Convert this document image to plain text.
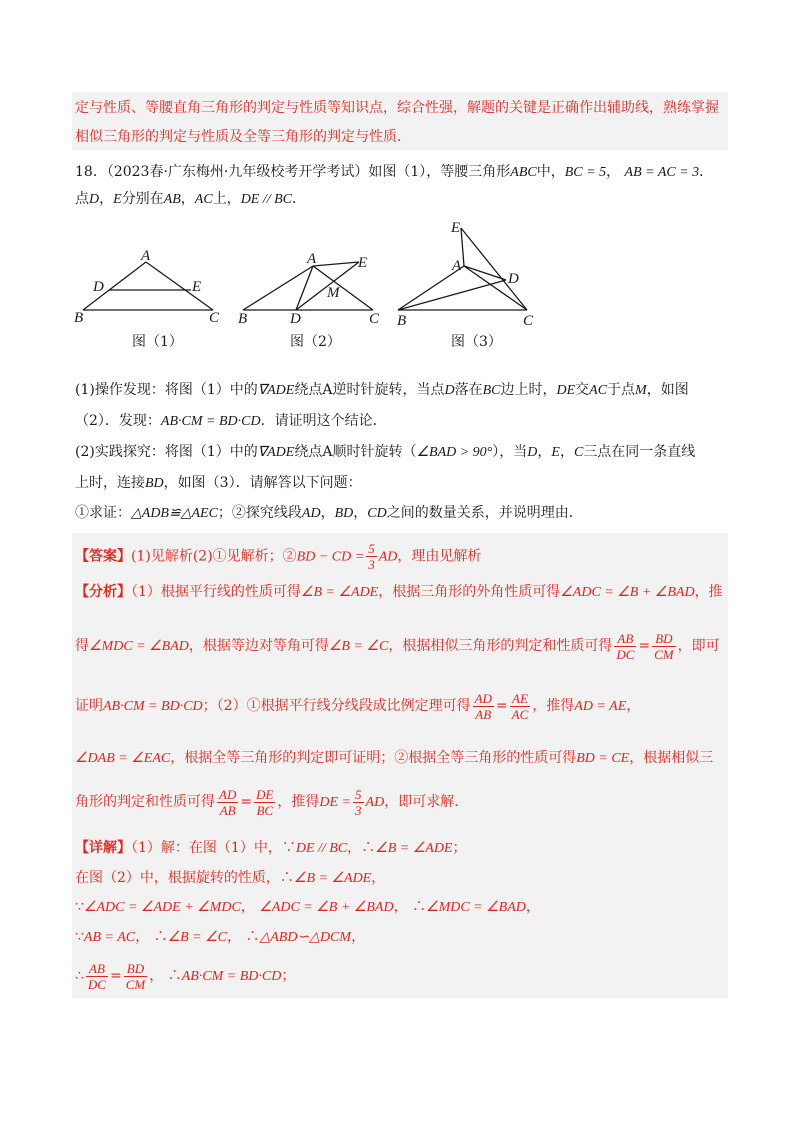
定与性质、等腰直角三角形的判定与性质等知识点，综合性强，解题的关键是正确作出辅助线，熟练掌握
相似三角形的判定与性质及全等三角形的判定与性质．
18．（2023春·广东梅州·九年级校考开学考试）如图（1），等腰三角形ABC中，BC = 5， AB = AC = 3．
点D，E分别在AB，AC上，DE // BC．
A
D	E
B	C
A	E
M
B	D	C
E
A
D
B	C
图（1）	图（2）	图（3）
(1)操作发现：将图（1）中的∇ADE绕点A逆时针旋转，当点D落在BC边上时，DE交AC于点M，如图
（2）．发现：AB·CM = BD·CD．请证明这个结论．
(2)实践探究：将图（1）中的∇ADE绕点A顺时针旋转（∠BAD > 90°），当D，E，C三点在同一条直线
上时，连接BD，如图（3）．请解答以下问题：
①求证：△ADB≌△AEC；②探究线段AD，BD，CD之间的数量关系，并说明理由．
【答案】(1)见解析(2)①见解析；②BD − CD = $\frac{5}{3}$ AD，理由见解析
【分析】（1）根据平行线的性质可得∠B = ∠ADE，根据三角形的外角性质可得∠ADC = ∠B + ∠BAD，推
得∠MDC = ∠BAD，根据等边对等角可得∠B = ∠C，根据相似三角形的判定和性质可得 $\frac{AB}{DC} = \frac{BD}{CM}$ ，即可
证明AB·CM = BD·CD；（2）①根据平行线分线段成比例定理可得 $\frac{AD}{AB} = \frac{AE}{AC}$ ，推得AD = AE，
∠DAB = ∠EAC，根据全等三角形的判定即可证明；②根据全等三角形的性质可得BD = CE，根据相似三
角形的判定和性质可得 $\frac{AD}{AB} = \frac{DE}{BC}$ ，推得DE = $\frac{5}{3}$ AD，即可求解．
【详解】（1）解：在图（1）中，∵DE // BC，∴∠B = ∠ADE；
在图（2）中，根据旋转的性质，∴∠B = ∠ADE，
∵∠ADC = ∠ADE + ∠MDC， ∠ADC = ∠B + ∠BAD， ∴∠MDC = ∠BAD，
∵AB = AC， ∴∠B = ∠C， ∴△ABD∽△DCM，
∴ $\frac{AB}{DC} = \frac{BD}{CM}$ ， ∴AB·CM = BD·CD；
